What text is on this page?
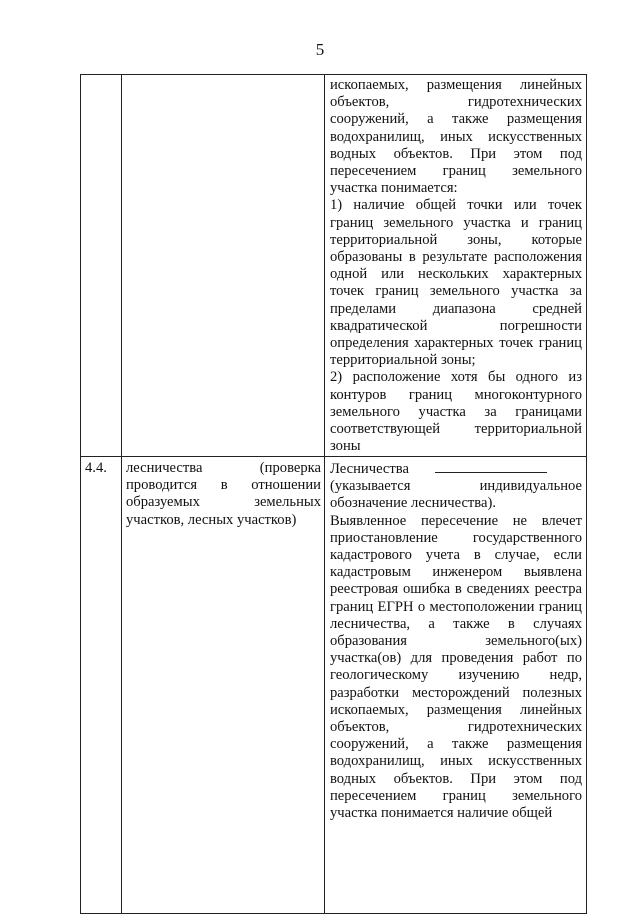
5

ископаемых, размещения линейных объектов, гидротехнических сооружений, а также размещения водохранилищ, иных искусственных водных объектов. При этом под пересечением границ земельного участка понимается:

1) наличие общей точки или точек границ земельного участка и границ территориальной зоны, которые образованы в результате расположения одной или нескольких характерных точек границ земельного участка за пределами диапазона средней квадратической погрешности определения характерных точек границ территориальной зоны;

2) расположение хотя бы одного из контуров границ многоконтурного земельного участка за границами соответствующей территориальной зоны

4.4.	лесничества (проверка проводится в отношении образуемых земельных участков, лесных участков)

Лесничества

(указывается индивидуальное обозначение лесничества).

Выявленное пересечение не влечет приостановление государственного кадастрового учета в случае, если кадастровым инженером выявлена реестровая ошибка в сведениях реестра границ ЕГРН о местоположении границ лесничества, а также в случаях образования земельного(ых) участка(ов) для проведения работ по геологическому изучению недр, разработки месторождений полезных ископаемых, размещения линейных объектов, гидротехнических сооружений, а также размещения водохранилищ, иных искусственных водных объектов. При этом под пересечением границ земельного участка понимается наличие общей
